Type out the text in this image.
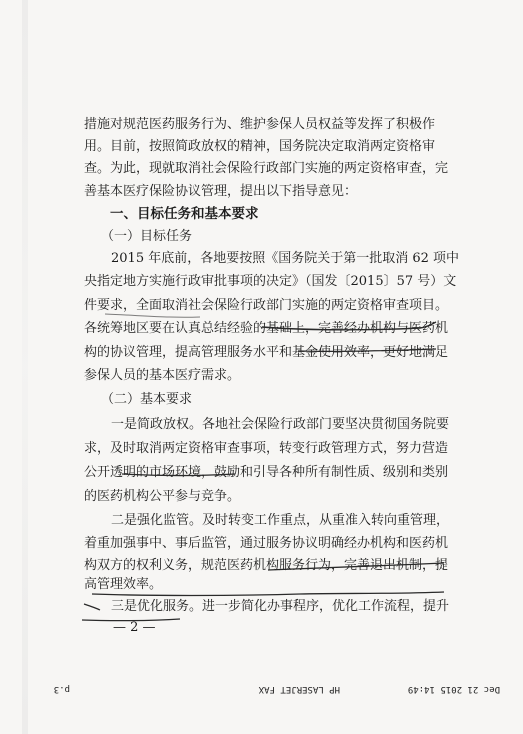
措施对规范医药服务行为、维护参保人员权益等发挥了积极作
用。目前，按照简政放权的精神，国务院决定取消两定资格审
查。为此，现就取消社会保险行政部门实施的两定资格审查，完
善基本医疗保险协议管理，提出以下指导意见：
一、目标任务和基本要求
（一）目标任务
2015 年底前，各地要按照《国务院关于第一批取消 62 项中
央指定地方实施行政审批事项的决定》（国发〔2015〕57 号）文
件要求，全面取消社会保险行政部门实施的两定资格审查项目。
各统筹地区要在认真总结经验的基础上，完善经办机构与医药机
构的协议管理，提高管理服务水平和基金使用效率，更好地满足
参保人员的基本医疗需求。
（二）基本要求
一是简政放权。各地社会保险行政部门要坚决贯彻国务院要
求，及时取消两定资格审查事项，转变行政管理方式，努力营造
公开透明的市场环境，鼓励和引导各种所有制性质、级别和类别
的医药机构公平参与竞争。
二是强化监管。及时转变工作重点，从重准入转向重管理，
着重加强事中、事后监管，通过服务协议明确经办机构和医药机
构双方的权利义务，规范医药机构服务行为，完善退出机制，提
高管理效率。
— 2 —
Dec 21 2015 14:49
HP LASERJET FAX
p.3
三是优化服务。进一步简化办事程序，优化工作流程，提升
